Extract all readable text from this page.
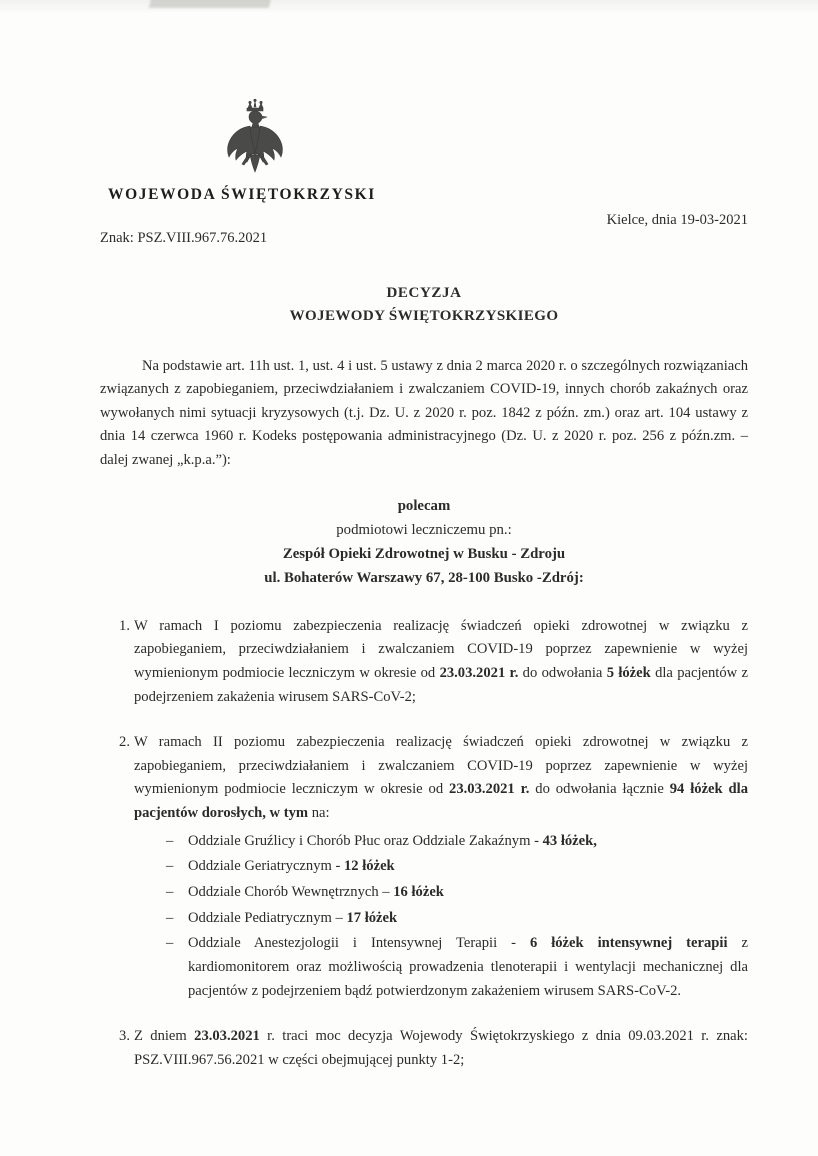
WOJEWODA ŚWIĘTOKRZYSKI
Kielce, dnia 19-03-2021
Znak: PSZ.VIII.967.76.2021
DECYZJA
WOJEWODY ŚWIĘTOKRZYSKIEGO

Na podstawie art. 11h ust. 1, ust. 4 i ust. 5 ustawy z dnia 2 marca 2020 r. o szczególnych rozwiązaniach związanych z zapobieganiem, przeciwdziałaniem i zwalczaniem COVID-19, innych chorób zakaźnych oraz wywołanych nimi sytuacji kryzysowych (t.j. Dz. U. z 2020 r. poz. 1842 z późn. zm.) oraz art. 104 ustawy z dnia 14 czerwca 1960 r. Kodeks postępowania administracyjnego (Dz. U. z 2020 r. poz. 256 z późn.zm. – dalej zwanej „k.p.a.”):

polecam
podmiotowi leczniczemu pn.:
Zespół Opieki Zdrowotnej w Busku - Zdroju
ul. Bohaterów Warszawy 67, 28-100 Busko -Zdrój:
1. W ramach I poziomu zabezpieczenia realizację świadczeń opieki zdrowotnej w związku z zapobieganiem, przeciwdziałaniem i zwalczaniem COVID-19 poprzez zapewnienie w wyżej wymienionym podmiocie leczniczym w okresie od 23.03.2021 r. do odwołania 5 łóżek dla pacjentów z podejrzeniem zakażenia wirusem SARS-CoV-2;
2. W ramach II poziomu zabezpieczenia realizację świadczeń opieki zdrowotnej w związku z zapobieganiem, przeciwdziałaniem i zwalczaniem COVID-19 poprzez zapewnienie w wyżej wymienionym podmiocie leczniczym w okresie od 23.03.2021 r. do odwołania łącznie 94 łóżek dla pacjentów dorosłych, w tym na:
– Oddziale Gruźlicy i Chorób Płuc oraz Oddziale Zakaźnym - 43 łóżek,
– Oddziale Geriatrycznym - 12 łóżek
– Oddziale Chorób Wewnętrznych – 16 łóżek
– Oddziale Pediatrycznym – 17 łóżek
– Oddziale Anestezjologii i Intensywnej Terapii - 6 łóżek intensywnej terapii z kardiomonitorem oraz możliwością prowadzenia tlenoterapii i wentylacji mechanicznej dla pacjentów z podejrzeniem bądź potwierdzonym zakażeniem wirusem SARS-CoV-2.
3. Z dniem 23.03.2021 r. traci moc decyzja Wojewody Świętokrzyskiego z dnia 09.03.2021 r. znak: PSZ.VIII.967.56.2021 w części obejmującej punkty 1-2;
